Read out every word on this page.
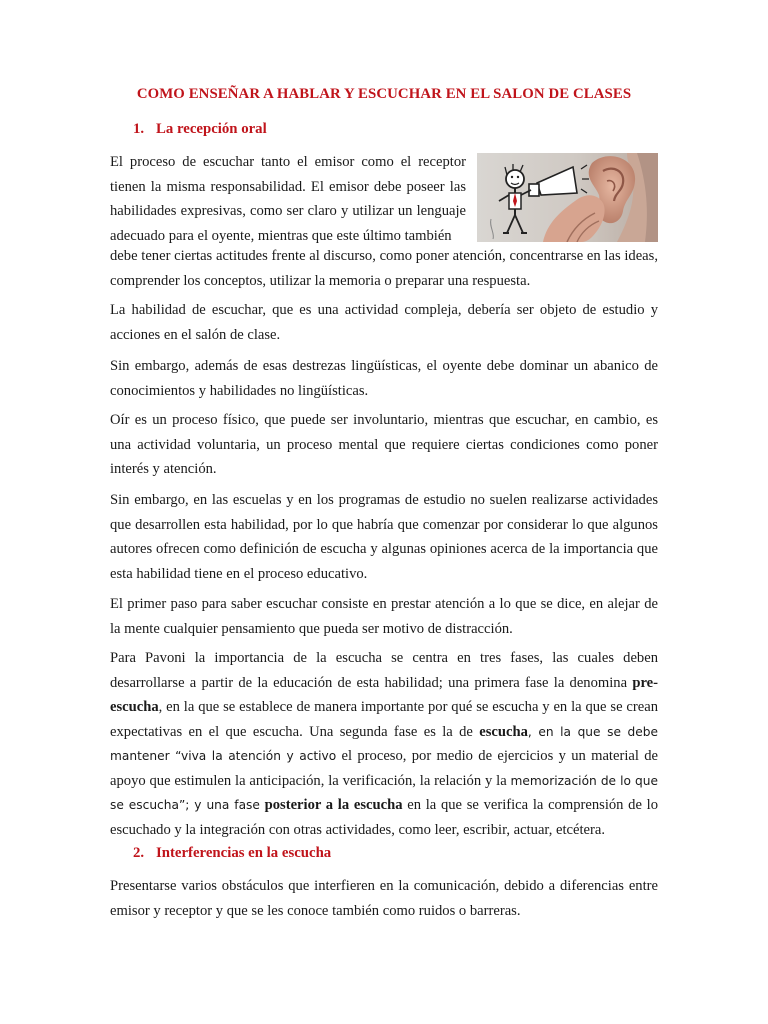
COMO ENSEÑAR A HABLAR Y ESCUCHAR EN EL SALON DE CLASES
1. La recepción oral

El proceso de escuchar tanto el emisor como el receptor tienen la misma responsabilidad. El emisor debe poseer las habilidades expresivas, como ser claro y utilizar un lenguaje adecuado para el oyente, mientras que este último también

debe tener ciertas actitudes frente al discurso, como poner atención, concentrarse en las ideas, comprender los conceptos, utilizar la memoria o preparar una respuesta.

La habilidad de escuchar, que es una actividad compleja, debería ser objeto de estudio y acciones en el salón de clase.

Sin embargo, además de esas destrezas lingüísticas, el oyente debe dominar un abanico de conocimientos y habilidades no lingüísticas.

Oír es un proceso físico, que puede ser involuntario, mientras que escuchar, en cambio, es una actividad voluntaria, un proceso mental que requiere ciertas condiciones como poner interés y atención.

Sin embargo, en las escuelas y en los programas de estudio no suelen realizarse actividades que desarrollen esta habilidad, por lo que habría que comenzar por considerar lo que algunos autores ofrecen como definición de escucha y algunas opiniones acerca de la importancia que esta habilidad tiene en el proceso educativo.

El primer paso para saber escuchar consiste en prestar atención a lo que se dice, en alejar de la mente cualquier pensamiento que pueda ser motivo de distracción.

Para Pavoni la importancia de la escucha se centra en tres fases, las cuales deben desarrollarse a partir de la educación de esta habilidad; una primera fase la denomina pre-escucha, en la que se establece de manera importante por qué se escucha y en la que se crean expectativas en el que escucha. Una segunda fase es la de escucha, en la que se debe mantener “viva la atención y activo el proceso, por medio de ejercicios y un material de apoyo que estimulen la anticipación, la verificación, la relación y la memorización de lo que se escucha”; y una fase posterior a la escucha en la que se verifica la comprensión de lo escuchado y la integración con otras actividades, como leer, escribir, actuar, etcétera.

2. Interferencias en la escucha

Presentarse varios obstáculos que interfieren en la comunicación, debido a diferencias entre emisor y receptor y que se les conoce también como ruidos o barreras.
